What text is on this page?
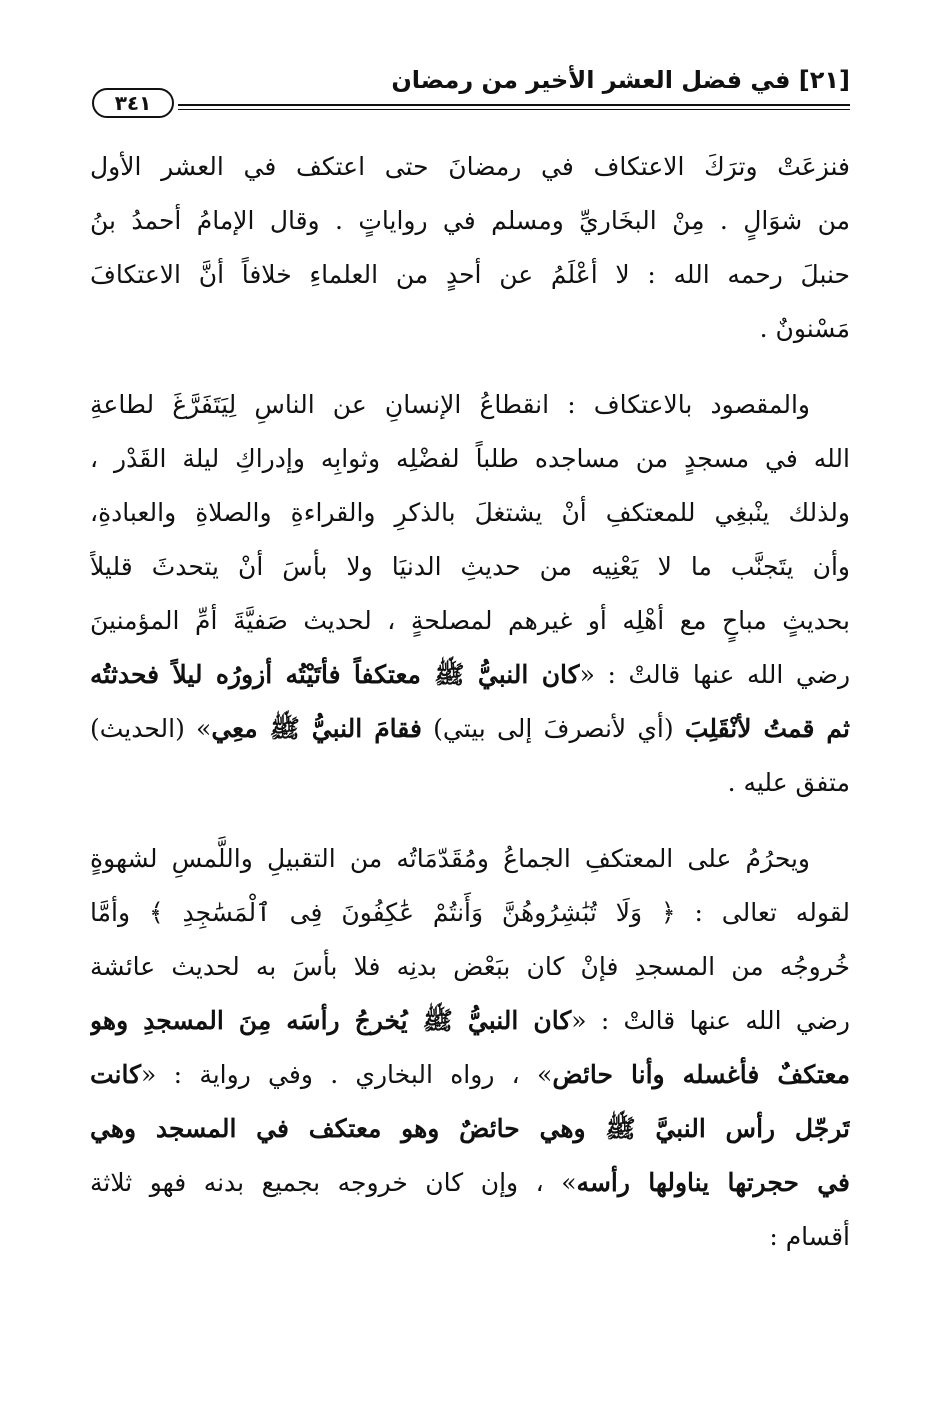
[٢١] في فضل العشر الأخير من رمضان
٣٤١
فنزعَتْ وترَكَ الاعتكاف في رمضانَ حتى اعتكف في العشر الأول
من شوَالٍ . مِنْ البخَاريِّ ومسلم في رواياتٍ . وقال الإمامُ أحمدُ بنُ
حنبلَ رحمه الله : لا أعْلَمُ عن أحدٍ من العلماءِ خلافاً أنَّ الاعتكافَ
مَسْنونٌ .
والمقصود بالاعتكاف : انقطاعُ الإنسانِ عن الناسِ لِيَتَفَرَّغَ لطاعةِ
الله في مسجدٍ من مساجده طلباً لفضْلِه وثوابِه وإدراكِ ليلة القَدْر ،
ولذلك ينْبغِي للمعتكفِ أنْ يشتغلَ بالذكرِ والقراءةِ والصلاةِ والعبادةِ،
وأن يتَجنَّب ما لا يَعْنِيه من حديثِ الدنيَا ولا بأسَ أنْ يتحدثَ قليلاً
بحديثٍ مباحٍ مع أهْلِه أو غيرهم لمصلحةٍ ، لحديث صَفيَّةَ أمِّ المؤمنينَ
رضي الله عنها قالتْ : «كان النبيُّ ﷺ معتكفاً فأتَيْتُه أزورُه ليلاً فحدثتُه
ثم قمتُ لأنْقَلِبَ (أي لأنصرفَ إلى بيتي) فقامَ النبيُّ ﷺ معِي» (الحديث)
متفق عليه .
ويحرُمُ على المعتكفِ الجماعُ ومُقَدّمَاتُه من التقبيلِ واللَّمسِ لشهوةٍ
لقوله تعالى : ﴿ وَلَا تُبَٰشِرُوهُنَّ وَأَنتُمْ عَٰكِفُونَ فِى ٱلْمَسَٰجِدِ ﴾ وأمَّا
خُروجُه من المسجدِ فإنْ كان ببَعْض بدنِه فلا بأسَ به لحديث عائشة
رضي الله عنها قالتْ : «كان النبيُّ ﷺ يُخرجُ رأسَه مِنَ المسجدِ وهو
معتكفٌ فأغسله وأنا حائض» ، رواه البخاري . وفي رواية : «كانت
تَرجّل رأس النبيَّ ﷺ وهي حائضٌ وهو معتكف في المسجد وهي
في حجرتها يناولها رأسه» ، وإن كان خروجه بجميع بدنه فهو ثلاثة
أقسام :
